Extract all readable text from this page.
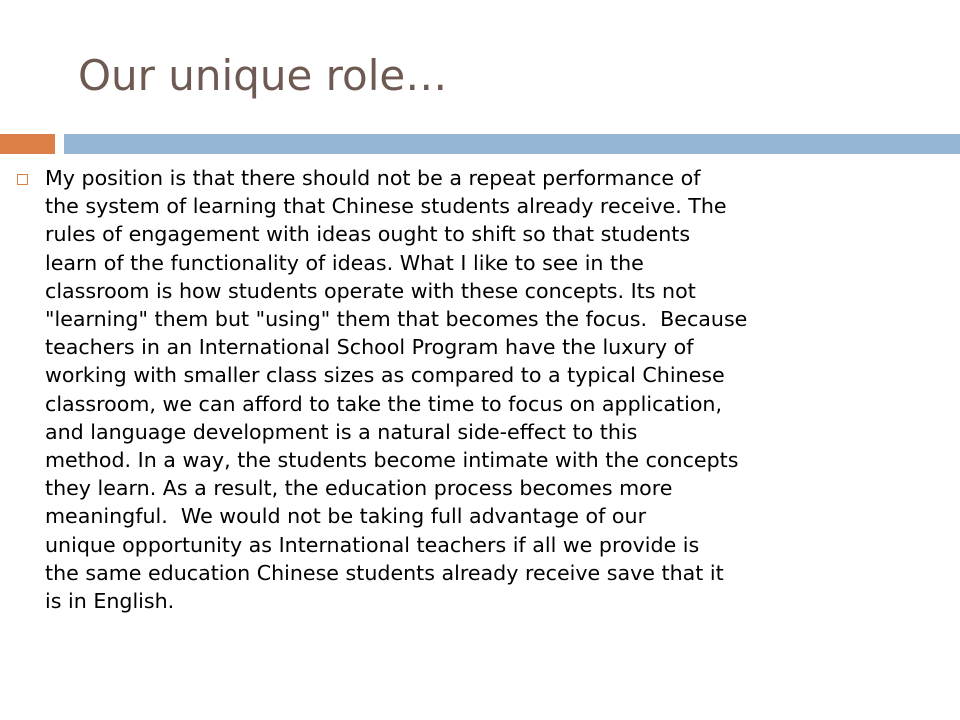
Our unique role…

My position is that there should not be a repeat performance of
the system of learning that Chinese students already receive. The
rules of engagement with ideas ought to shift so that students
learn of the functionality of ideas. What I like to see in the
classroom is how students operate with these concepts. Its not
"learning" them but "using" them that becomes the focus.  Because
teachers in an International School Program have the luxury of
working with smaller class sizes as compared to a typical Chinese
classroom, we can afford to take the time to focus on application,
and language development is a natural side-effect to this
method. In a way, the students become intimate with the concepts
they learn. As a result, the education process becomes more
meaningful.  We would not be taking full advantage of our
unique opportunity as International teachers if all we provide is
the same education Chinese students already receive save that it
is in English.
